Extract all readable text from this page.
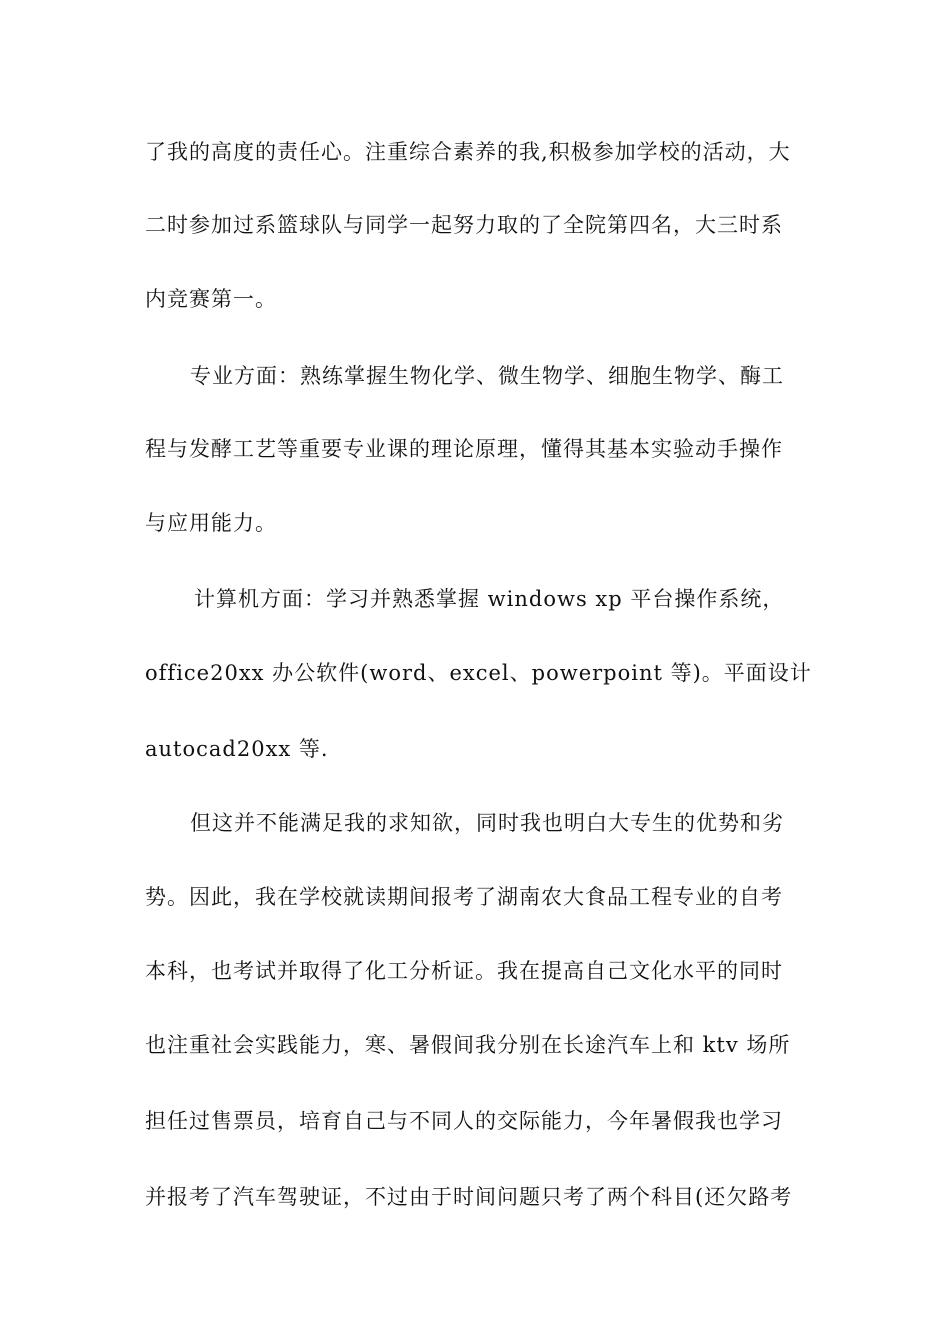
了我的高度的责任心。注重综合素养的我,积极参加学校的活动，大
二时参加过系篮球队与同学一起努力取的了全院第四名，大三时系
内竞赛第一。
专业方面：熟练掌握生物化学、微生物学、细胞生物学、酶工
程与发酵工艺等重要专业课的理论原理，懂得其基本实验动手操作
与应用能力。
计算机方面：学习并熟悉掌握 windows xp 平台操作系统，
office20xx 办公软件(word、excel、powerpoint 等)。平面设计
autocad20xx 等.
但这并不能满足我的求知欲，同时我也明白大专生的优势和劣
势。因此，我在学校就读期间报考了湖南农大食品工程专业的自考
本科，也考试并取得了化工分析证。我在提高自己文化水平的同时
也注重社会实践能力，寒、暑假间我分别在长途汽车上和 ktv 场所
担任过售票员，培育自己与不同人的交际能力，今年暑假我也学习
并报考了汽车驾驶证，不过由于时间问题只考了两个科目(还欠路考
